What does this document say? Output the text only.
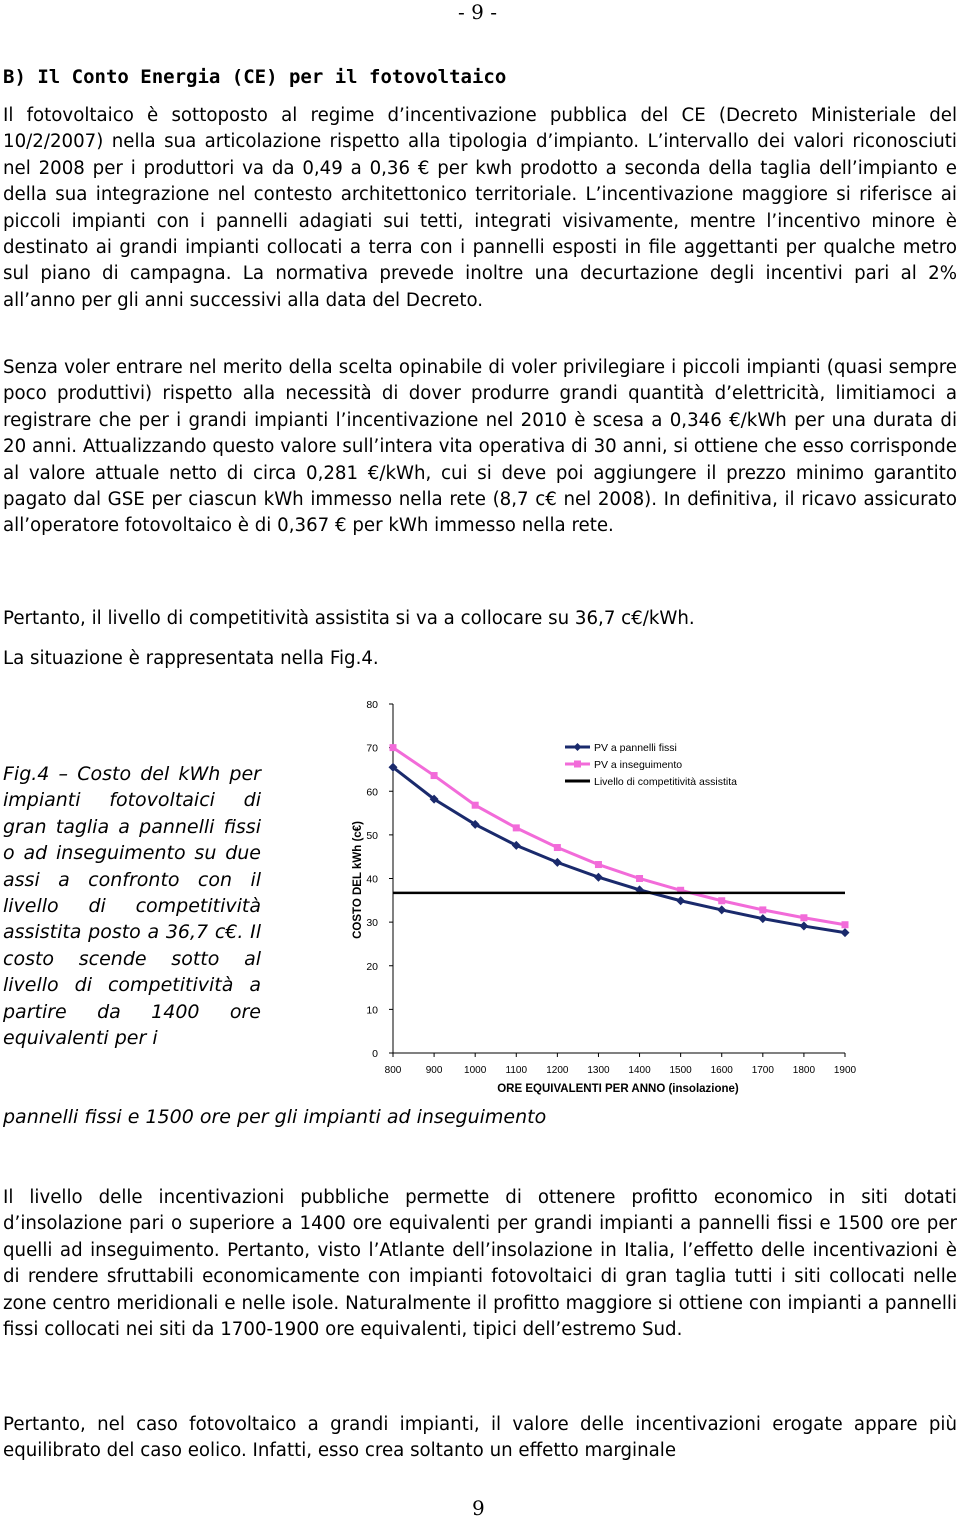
- 9 -
B) Il Conto Energia (CE) per il fotovoltaico

Il fotovoltaico è sottoposto al regime d’incentivazione pubblica del CE (Decreto Ministeriale del 10/2/2007) nella sua articolazione rispetto alla tipologia d’impianto. L’intervallo dei valori riconosciuti nel 2008 per i produttori va da 0,49 a 0,36 € per kwh prodotto a seconda della taglia dell’impianto e della sua integrazione nel contesto architettonico territoriale. L’incentivazione maggiore si riferisce ai piccoli impianti con i pannelli adagiati sui tetti, integrati visivamente, mentre l’incentivo minore è destinato ai grandi impianti collocati a terra con i pannelli esposti in file aggettanti per qualche metro sul piano di campagna. La normativa prevede inoltre una decurtazione degli incentivi pari al 2% all’anno per gli anni successivi alla data del Decreto.

Senza voler entrare nel merito della scelta opinabile di voler privilegiare i piccoli impianti (quasi sempre poco produttivi) rispetto alla necessità di dover produrre grandi quantità d’elettricità, limitiamoci a registrare che per i grandi impianti l’incentivazione nel 2010 è scesa a 0,346 €/kWh per una durata di 20 anni. Attualizzando questo valore sull’intera vita operativa di 30 anni, si ottiene che esso corrisponde al valore attuale netto di circa 0,281 €/kWh, cui si deve poi aggiungere il prezzo minimo garantito pagato dal GSE per ciascun kWh immesso nella rete (8,7 c€ nel 2008). In definitiva, il ricavo assicurato all’operatore fotovoltaico è di 0,367 € per kWh immesso nella rete.

Pertanto, il livello di competitività assistita si va a collocare su 36,7 c€/kWh.

La situazione è rappresentata nella Fig.4.

Fig.4 – Costo del kWh per impianti fotovoltaici di gran taglia a pannelli fissi o ad inseguimento su due assi a confronto con il livello di competitività assistita posto a 36,7 c€. Il costo scende sotto al livello di competitività a partire da 1400 ore equivalenti per i

pannelli fissi e 1500 ore per gli impianti ad inseguimento

0
10
20
30
40
50
60
70
80
800 900 1000 1100 1200 1300 1400 1500 1600 1700 1800 1900
COSTO DEL kWh (c€)
ORE EQUIVALENTI PER ANNO (insolazione)
PV a pannelli fissi
PV a inseguimento
Livello di competitività assistita

Il livello delle incentivazioni pubbliche permette di ottenere profitto economico in siti dotati d’insolazione pari o superiore a 1400 ore equivalenti per grandi impianti a pannelli fissi e 1500 ore per quelli ad inseguimento. Pertanto, visto l’Atlante dell’insolazione in Italia, l’effetto delle incentivazioni è di rendere sfruttabili economicamente con impianti fotovoltaici di gran taglia tutti i siti collocati nelle zone centro meridionali e nelle isole. Naturalmente il profitto maggiore si ottiene con impianti a pannelli fissi collocati nei siti da 1700-1900 ore equivalenti, tipici dell’estremo Sud.

Pertanto, nel caso fotovoltaico a grandi impianti, il valore delle incentivazioni erogate appare più equilibrato del caso eolico. Infatti, esso crea soltanto un effetto marginale

9
